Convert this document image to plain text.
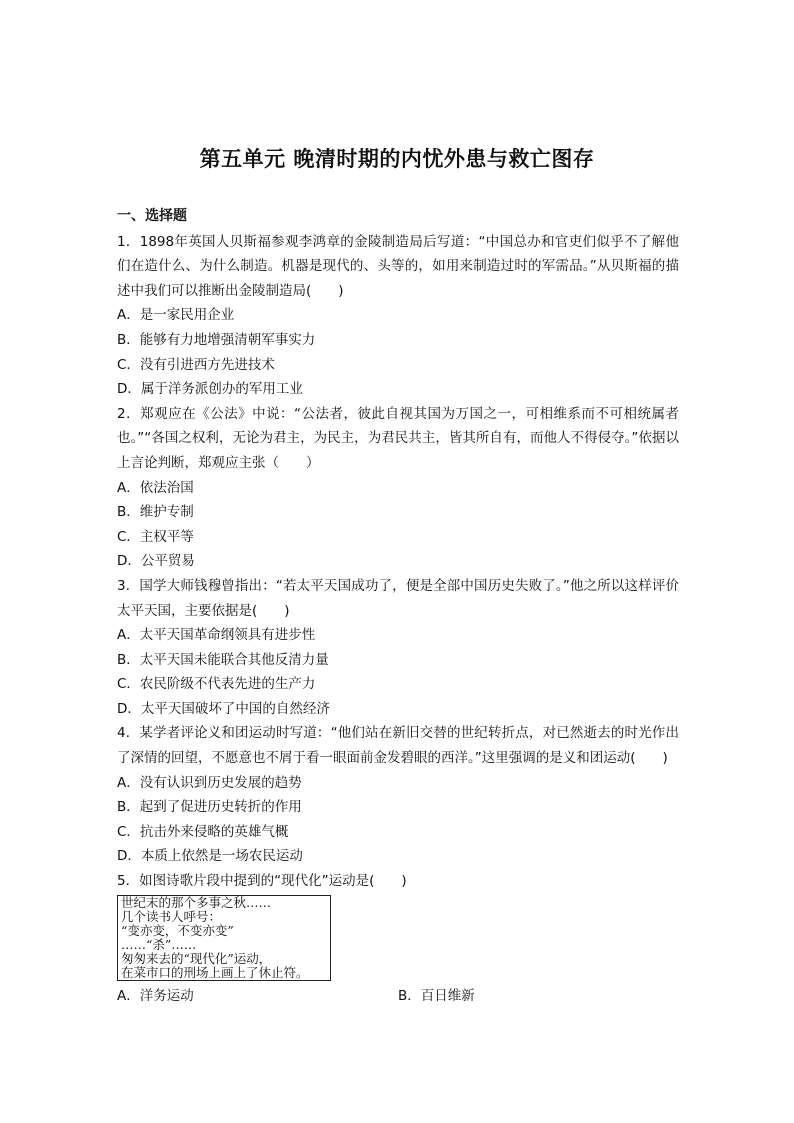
第五单元 晚清时期的内忧外患与救亡图存
一、选择题
1．1898年英国人贝斯福参观李鸿章的金陵制造局后写道：“中国总办和官吏们似乎不了解他们在造什么、为什么制造。机器是现代的、头等的，如用来制造过时的军需品。”从贝斯福的描述中我们可以推断出金陵制造局(　　)
A．是一家民用企业
B．能够有力地增强清朝军事实力
C．没有引进西方先进技术
D．属于洋务派创办的军用工业
2．郑观应在《公法》中说：“公法者，彼此自视其国为万国之一，可相维系而不可相统属者也。”“各国之权利，无论为君主，为民主，为君民共主，皆其所自有，而他人不得侵夺。”依据以上言论判断，郑观应主张（　　）
A．依法治国
B．维护专制
C．主权平等
D．公平贸易
3．国学大师钱穆曾指出：“若太平天国成功了，便是全部中国历史失败了。”他之所以这样评价太平天国，主要依据是(　　)
A．太平天国革命纲领具有进步性
B．太平天国未能联合其他反清力量
C．农民阶级不代表先进的生产力
D．太平天国破坏了中国的自然经济
4．某学者评论义和团运动时写道：“他们站在新旧交替的世纪转折点，对已然逝去的时光作出了深情的回望，不愿意也不屑于看一眼面前金发碧眼的西洋。”这里强调的是义和团运动(　　)
A．没有认识到历史发展的趋势
B．起到了促进历史转折的作用
C．抗击外来侵略的英雄气概
D．本质上依然是一场农民运动
5．如图诗歌片段中提到的“现代化”运动是(　　)
世纪末的那个多事之秋……
几个读书人呼号：
“变亦变，不变亦变”
……“杀”……
匆匆来去的“现代化”运动，
在菜市口的刑场上画上了休止符。
A．洋务运动	B．百日维新
